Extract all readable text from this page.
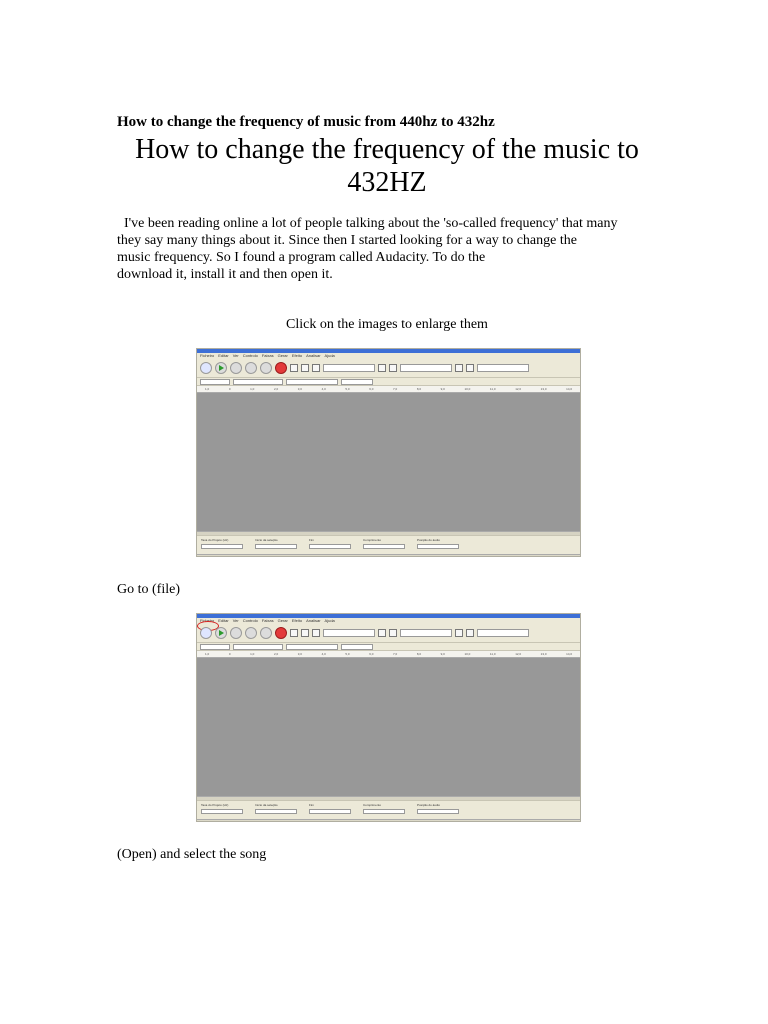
How to change the frequency of music from 440hz to 432hz
How to change the frequency of the music to
432HZ

I've been reading online a lot of people talking about the 'so-called frequency' that many
they say many things about it. Since then I started looking for a way to change the
music frequency. So I found a program called Audacity. To do the
download it, install it and then open it.

Click on the images to enlarge them

Ficheiro Editar Ver Controlo Faixas Gerar Efeito Analisar Ajuda
1,0	0	1,0	2,0	3,0	4,0	5,0	6,0	7,0	8,0	9,0	10,0	11,0	12,0	13,0	14,0
Taxa do Projeto (Hz)	Início da seleção	Fim	Comprimento	Posição do áudio

Go to (file)

Ficheiro Editar Ver Controlo Faixas Gerar Efeito Analisar Ajuda
1,0	0	1,0	2,0	3,0	4,0	5,0	6,0	7,0	8,0	9,0	10,0	11,0	12,0	13,0	14,0
Taxa do Projeto (Hz)	Início da seleção	Fim	Comprimento	Posição do áudio

(Open) and select the song
